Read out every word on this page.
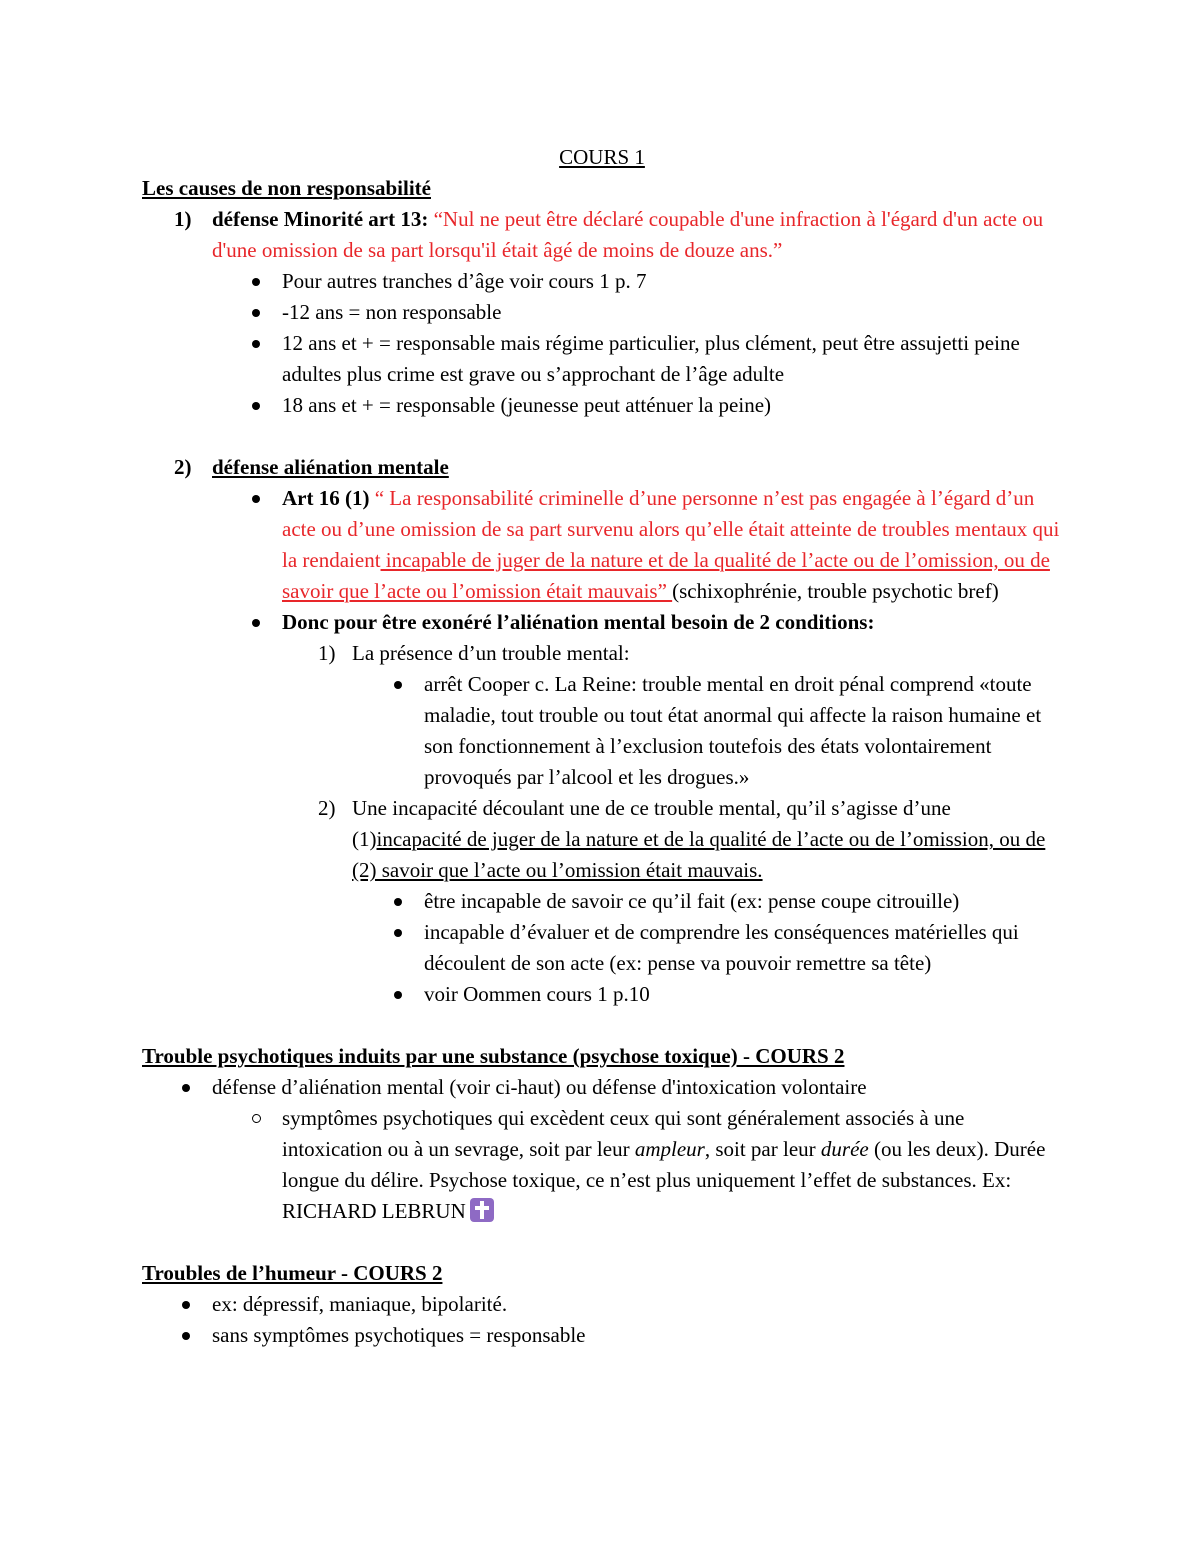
COURS 1

Les causes de non responsabilité

1) défense Minorité art 13: “Nul ne peut être déclaré coupable d'une infraction à l'égard d'un acte ou d'une omission de sa part lorsqu'il était âgé de moins de douze ans.”
Pour autres tranches d’âge voir cours 1 p. 7
-12 ans = non responsable
12 ans et + = responsable mais régime particulier, plus clément, peut être assujetti peine adultes plus crime est grave ou s’approchant de l’âge adulte
18 ans et + = responsable (jeunesse peut atténuer la peine)
2) défense aliénation mentale
Art 16 (1) “ La responsabilité criminelle d’une personne n’est pas engagée à l’égard d’un acte ou d’une omission de sa part survenu alors qu’elle était atteinte de troubles mentaux qui la rendaient incapable de juger de la nature et de la qualité de l’acte ou de l’omission, ou de savoir que l’acte ou l’omission était mauvais” (schixophrénie, trouble psychotic bref)
Donc pour être exonéré l’aliénation mental besoin de 2 conditions:
1) La présence d’un trouble mental:
arrêt Cooper c. La Reine: trouble mental en droit pénal comprend «toute maladie, tout trouble ou tout état anormal qui affecte la raison humaine et son fonctionnement à l’exclusion toutefois des états volontairement provoqués par l’alcool et les drogues.»
2) Une incapacité découlant une de ce trouble mental, qu’il s’agisse d’une (1)incapacité de juger de la nature et de la qualité de l’acte ou de l’omission, ou de (2) savoir que l’acte ou l’omission était mauvais.
être incapable de savoir ce qu’il fait (ex: pense coupe citrouille)
incapable d’évaluer et de comprendre les conséquences matérielles qui découlent de son acte (ex: pense va pouvoir remettre sa tête)
voir Oommen cours 1 p.10

Trouble psychotiques induits par une substance (psychose toxique) - COURS 2

défense d’aliénation mental (voir ci-haut) ou défense d'intoxication volontaire
symptômes psychotiques qui excèdent ceux qui sont généralement associés à une intoxication ou à un sevrage, soit par leur ampleur, soit par leur durée (ou les deux). Durée longue du délire. Psychose toxique, ce n’est plus uniquement l’effet de substances. Ex: RICHARD LEBRUN

Troubles de l’humeur - COURS 2

ex: dépressif, maniaque, bipolarité.
sans symptômes psychotiques = responsable
